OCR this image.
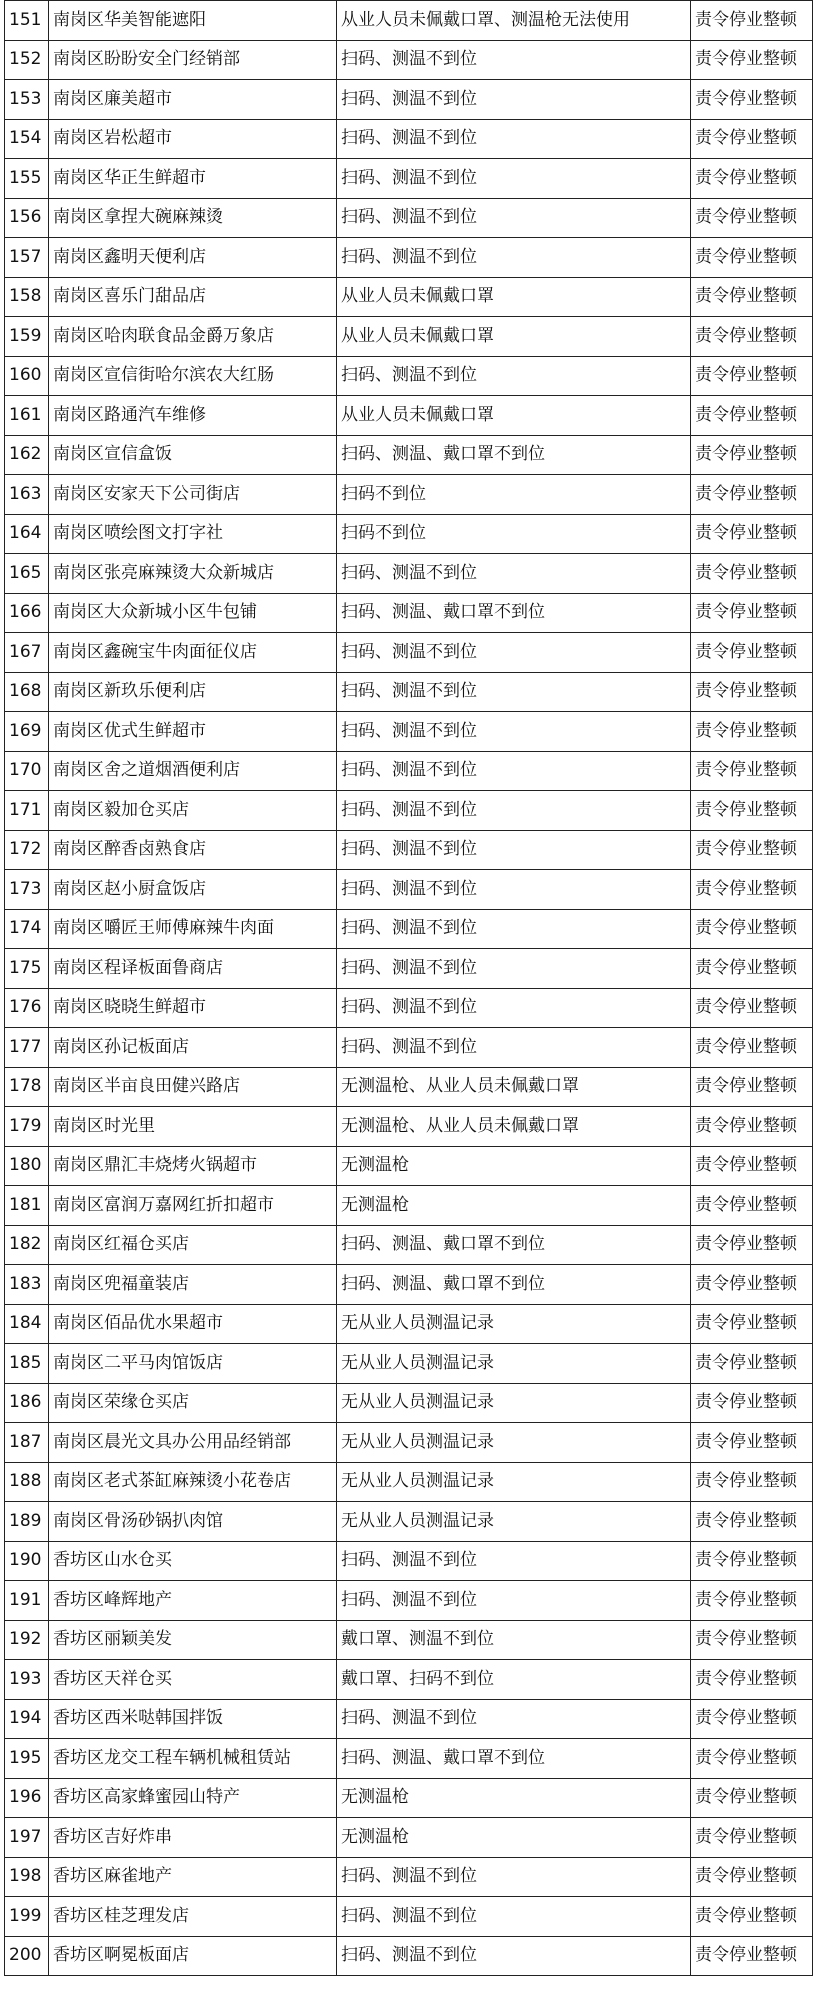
151	南岗区华美智能遮阳	从业人员未佩戴口罩、测温枪无法使用	责令停业整顿
152	南岗区盼盼安全门经销部	扫码、测温不到位	责令停业整顿
153	南岗区廉美超市	扫码、测温不到位	责令停业整顿
154	南岗区岩松超市	扫码、测温不到位	责令停业整顿
155	南岗区华正生鲜超市	扫码、测温不到位	责令停业整顿
156	南岗区拿捏大碗麻辣烫	扫码、测温不到位	责令停业整顿
157	南岗区鑫明天便利店	扫码、测温不到位	责令停业整顿
158	南岗区喜乐门甜品店	从业人员未佩戴口罩	责令停业整顿
159	南岗区哈肉联食品金爵万象店	从业人员未佩戴口罩	责令停业整顿
160	南岗区宣信街哈尔滨农大红肠	扫码、测温不到位	责令停业整顿
161	南岗区路通汽车维修	从业人员未佩戴口罩	责令停业整顿
162	南岗区宣信盒饭	扫码、测温、戴口罩不到位	责令停业整顿
163	南岗区安家天下公司街店	扫码不到位	责令停业整顿
164	南岗区喷绘图文打字社	扫码不到位	责令停业整顿
165	南岗区张亮麻辣烫大众新城店	扫码、测温不到位	责令停业整顿
166	南岗区大众新城小区牛包铺	扫码、测温、戴口罩不到位	责令停业整顿
167	南岗区鑫碗宝牛肉面征仪店	扫码、测温不到位	责令停业整顿
168	南岗区新玖乐便利店	扫码、测温不到位	责令停业整顿
169	南岗区优式生鲜超市	扫码、测温不到位	责令停业整顿
170	南岗区舍之道烟酒便利店	扫码、测温不到位	责令停业整顿
171	南岗区毅加仓买店	扫码、测温不到位	责令停业整顿
172	南岗区醉香卤熟食店	扫码、测温不到位	责令停业整顿
173	南岗区赵小厨盒饭店	扫码、测温不到位	责令停业整顿
174	南岗区嚼匠王师傅麻辣牛肉面	扫码、测温不到位	责令停业整顿
175	南岗区程译板面鲁商店	扫码、测温不到位	责令停业整顿
176	南岗区晓晓生鲜超市	扫码、测温不到位	责令停业整顿
177	南岗区孙记板面店	扫码、测温不到位	责令停业整顿
178	南岗区半亩良田健兴路店	无测温枪、从业人员未佩戴口罩	责令停业整顿
179	南岗区时光里	无测温枪、从业人员未佩戴口罩	责令停业整顿
180	南岗区鼎汇丰烧烤火锅超市	无测温枪	责令停业整顿
181	南岗区富润万嘉网红折扣超市	无测温枪	责令停业整顿
182	南岗区红福仓买店	扫码、测温、戴口罩不到位	责令停业整顿
183	南岗区兜福童装店	扫码、测温、戴口罩不到位	责令停业整顿
184	南岗区佰品优水果超市	无从业人员测温记录	责令停业整顿
185	南岗区二平马肉馆饭店	无从业人员测温记录	责令停业整顿
186	南岗区荣缘仓买店	无从业人员测温记录	责令停业整顿
187	南岗区晨光文具办公用品经销部	无从业人员测温记录	责令停业整顿
188	南岗区老式茶缸麻辣烫小花卷店	无从业人员测温记录	责令停业整顿
189	南岗区骨汤砂锅扒肉馆	无从业人员测温记录	责令停业整顿
190	香坊区山水仓买	扫码、测温不到位	责令停业整顿
191	香坊区峰辉地产	扫码、测温不到位	责令停业整顿
192	香坊区丽颖美发	戴口罩、测温不到位	责令停业整顿
193	香坊区天祥仓买	戴口罩、扫码不到位	责令停业整顿
194	香坊区西米哒韩国拌饭	扫码、测温不到位	责令停业整顿
195	香坊区龙交工程车辆机械租赁站	扫码、测温、戴口罩不到位	责令停业整顿
196	香坊区高家蜂蜜园山特产	无测温枪	责令停业整顿
197	香坊区吉好炸串	无测温枪	责令停业整顿
198	香坊区麻雀地产	扫码、测温不到位	责令停业整顿
199	香坊区桂芝理发店	扫码、测温不到位	责令停业整顿
200	香坊区啊冕板面店	扫码、测温不到位	责令停业整顿
